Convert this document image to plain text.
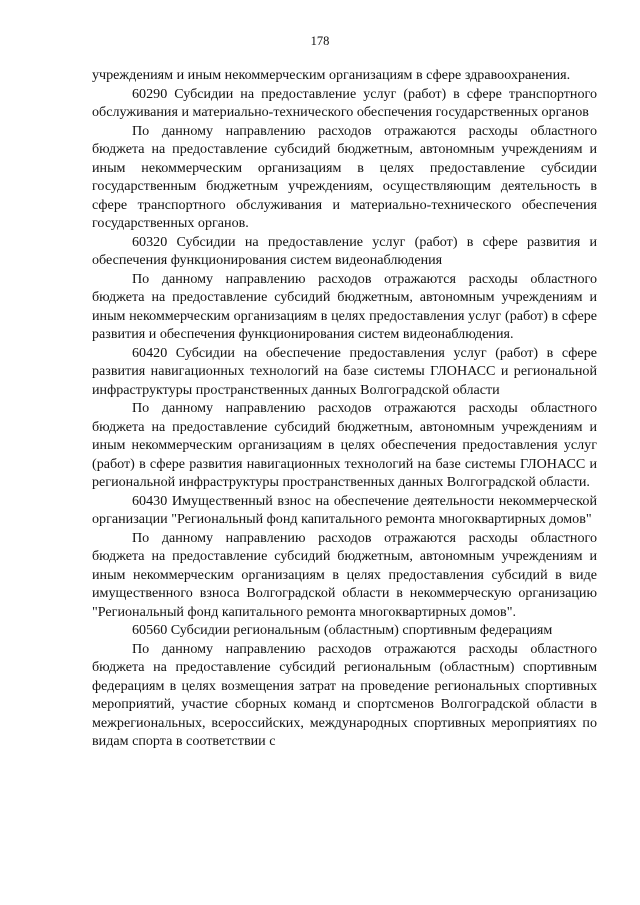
178

учреждениям и иным некоммерческим организациям в сфере здравоохранения.

60290 Субсидии на предоставление услуг (работ) в сфере транспортного обслуживания и материально-технического обеспечения государственных органов

По данному направлению расходов отражаются расходы областного бюджета на предоставление субсидий бюджетным, автономным учреждениям и иным некоммерческим организациям в целях предоставление субсидии государственным бюджетным учреждениям, осуществляющим деятельность в сфере транспортного обслуживания и материально-технического обеспечения государственных органов.

60320 Субсидии на предоставление услуг (работ) в сфере развития и обеспечения функционирования систем видеонаблюдения

По данному направлению расходов отражаются расходы областного бюджета на предоставление субсидий бюджетным, автономным учреждениям и иным некоммерческим организациям в целях предоставления услуг (работ) в сфере развития и обеспечения функционирования систем видеонаблюдения.

60420 Субсидии на обеспечение предоставления услуг (работ) в сфере развития навигационных технологий на базе системы ГЛОНАСС и региональной инфраструктуры пространственных данных Волгоградской области

По данному направлению расходов отражаются расходы областного бюджета на предоставление субсидий бюджетным, автономным учреждениям и иным некоммерческим организациям в целях обеспечения предоставления услуг (работ) в сфере развития навигационных технологий на базе системы ГЛОНАСС и региональной инфраструктуры пространственных данных Волгоградской области.

60430 Имущественный взнос на обеспечение деятельности некоммерческой организации "Региональный фонд капитального ремонта многоквартирных домов"

По данному направлению расходов отражаются расходы областного бюджета на предоставление субсидий бюджетным, автономным учреждениям и иным некоммерческим организациям в целях предоставления субсидий в виде имущественного взноса Волгоградской области в некоммерческую организацию "Региональный фонд капитального ремонта многоквартирных домов".

60560 Субсидии региональным (областным) спортивным федерациям

По данному направлению расходов отражаются расходы областного бюджета на предоставление субсидий региональным (областным) спортивным федерациям в целях возмещения затрат на проведение региональных спортивных мероприятий, участие сборных команд и спортсменов Волгоградской области в межрегиональных, всероссийских, международных спортивных мероприятиях по видам спорта в соответствии с
